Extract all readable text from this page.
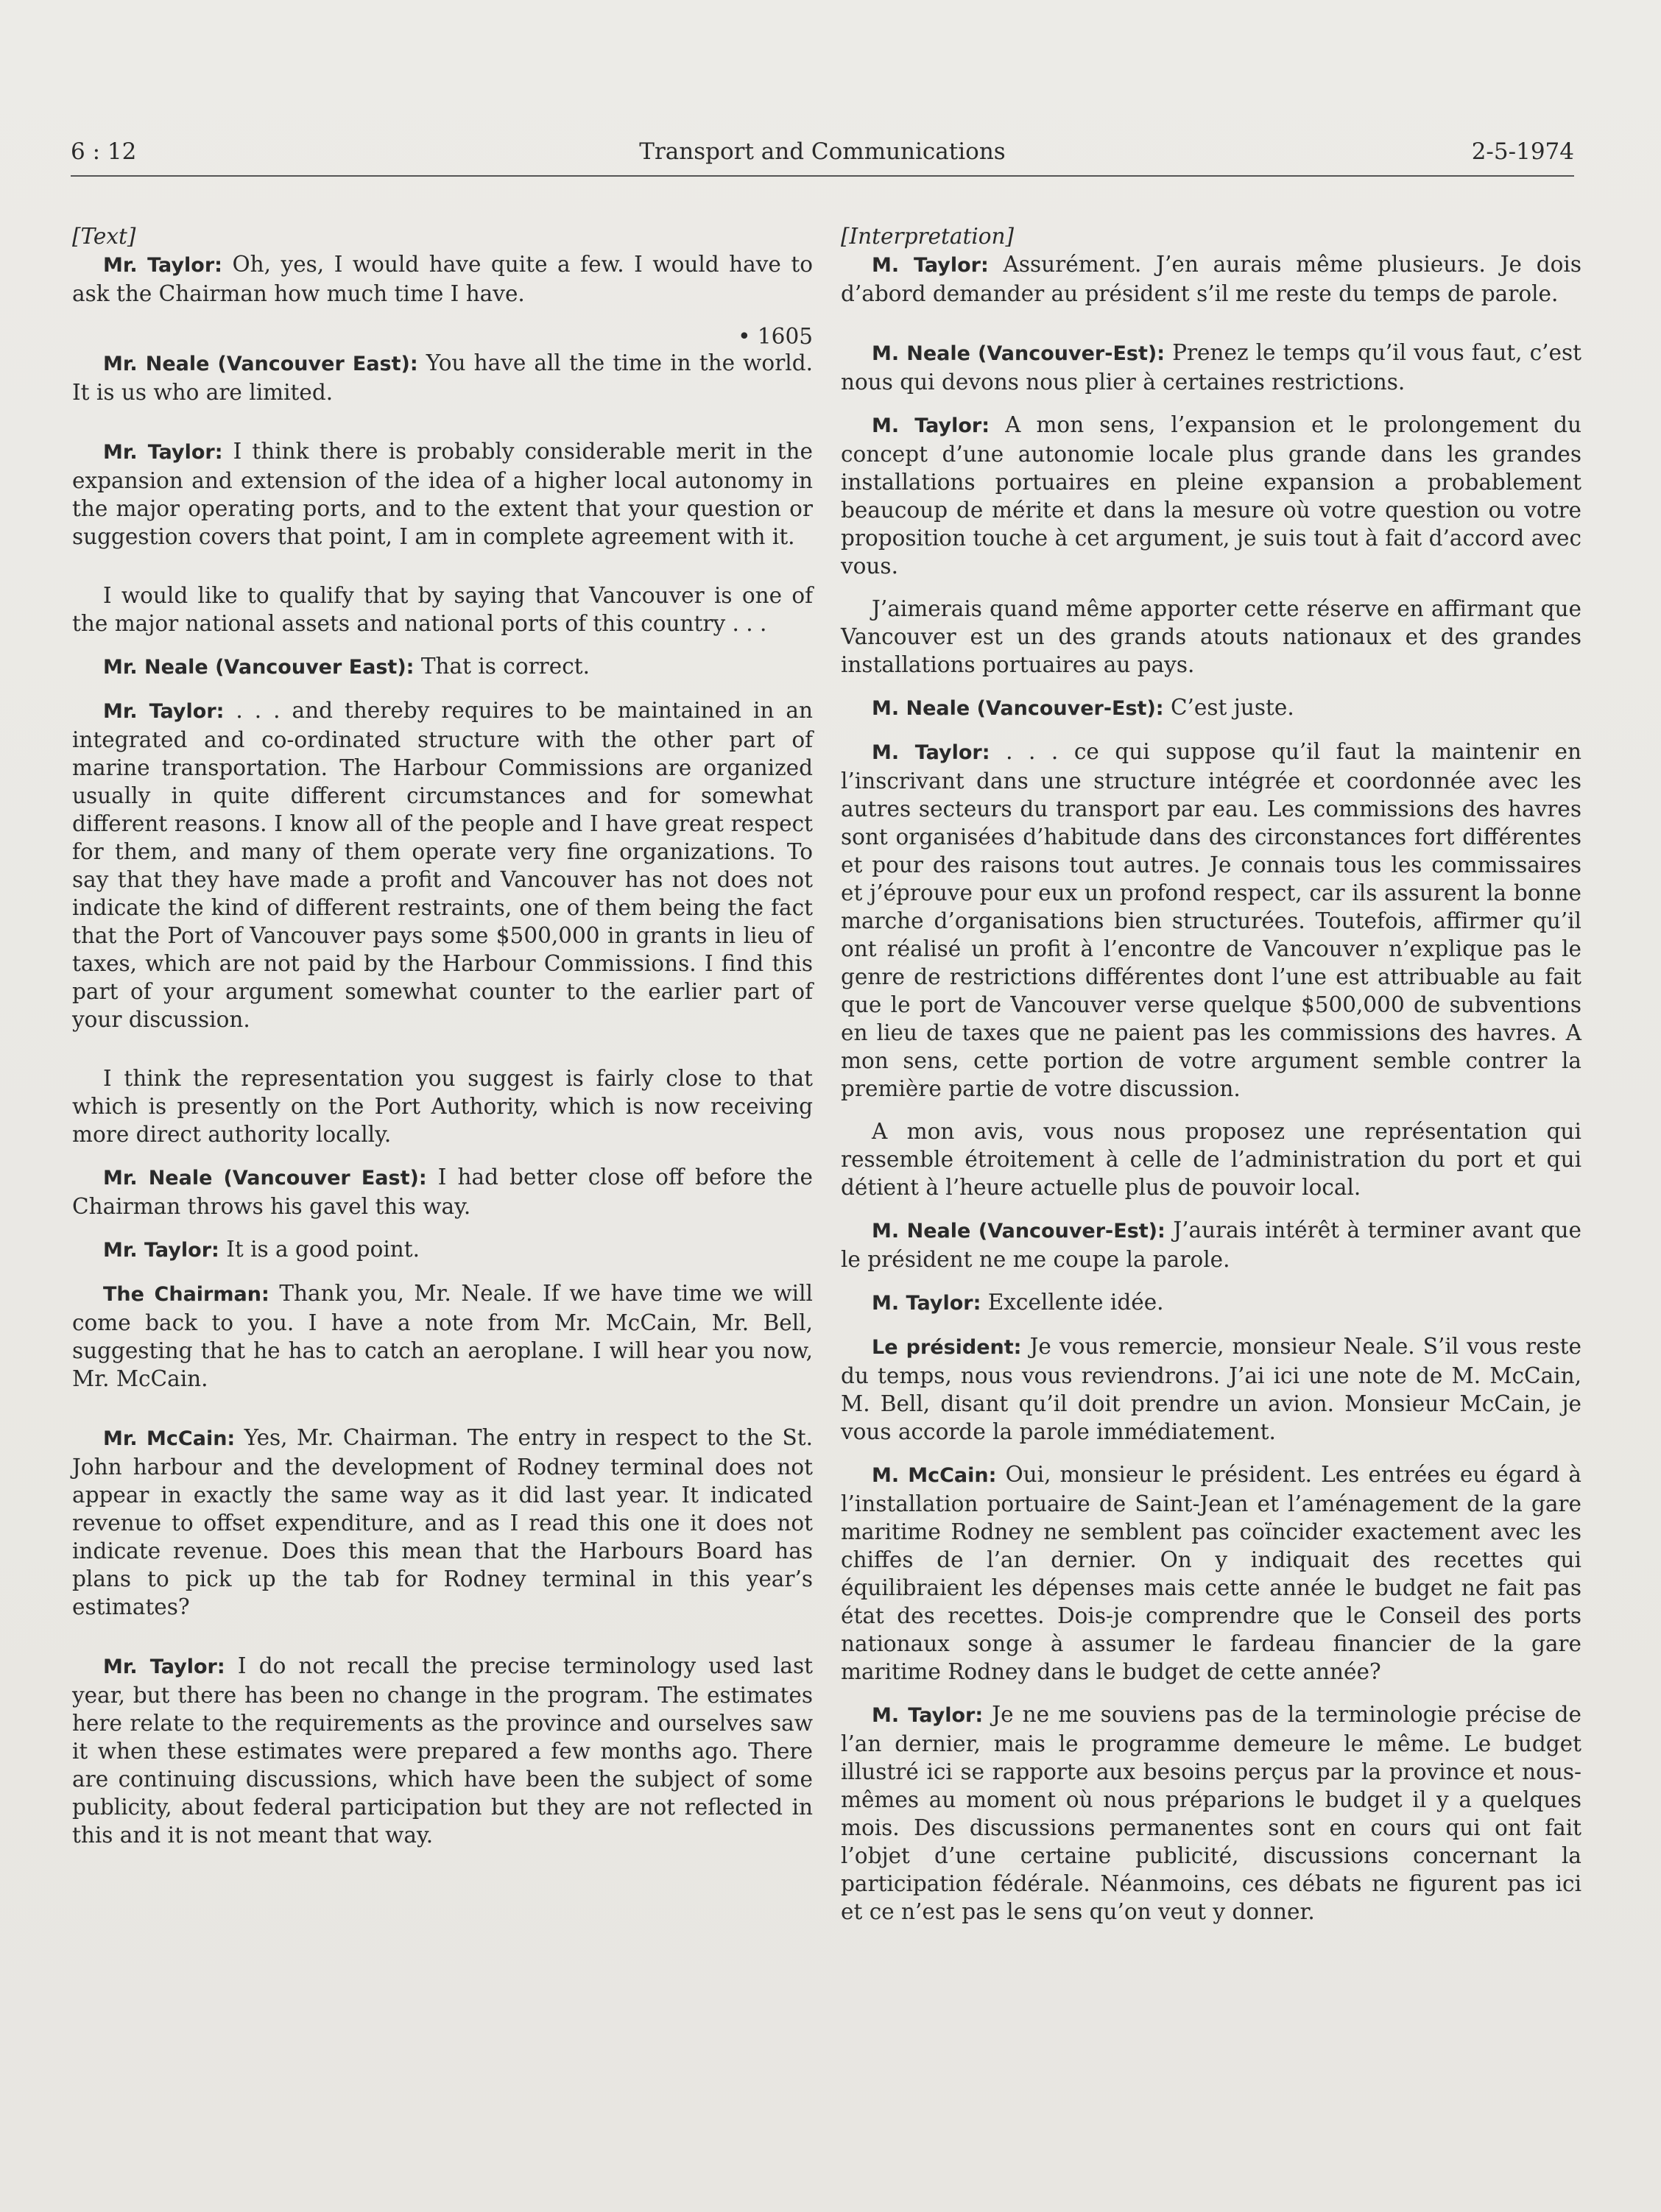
6 : 12	Transport and Communications	2-5-1974

[Text]

Mr. Taylor: Oh, yes, I would have quite a few. I would have to ask the Chairman how much time I have.

• 1605

Mr. Neale (Vancouver East): You have all the time in the world. It is us who are limited.

Mr. Taylor: I think there is probably considerable merit in the expansion and extension of the idea of a higher local autonomy in the major operating ports, and to the extent that your question or suggestion covers that point, I am in complete agreement with it.

I would like to qualify that by saying that Vancouver is one of the major national assets and national ports of this country . . .

Mr. Neale (Vancouver East): That is correct.

Mr. Taylor: . . . and thereby requires to be maintained in an integrated and co-ordinated structure with the other part of marine transportation. The Harbour Commissions are organized usually in quite different circumstances and for somewhat different reasons. I know all of the people and I have great respect for them, and many of them operate very fine organizations. To say that they have made a profit and Vancouver has not does not indicate the kind of different restraints, one of them being the fact that the Port of Vancouver pays some $500,000 in grants in lieu of taxes, which are not paid by the Harbour Commissions. I find this part of your argument somewhat counter to the earlier part of your discussion.

I think the representation you suggest is fairly close to that which is presently on the Port Authority, which is now receiving more direct authority locally.

Mr. Neale (Vancouver East): I had better close off before the Chairman throws his gavel this way.

Mr. Taylor: It is a good point.

The Chairman: Thank you, Mr. Neale. If we have time we will come back to you. I have a note from Mr. McCain, Mr. Bell, suggesting that he has to catch an aeroplane. I will hear you now, Mr. McCain.

Mr. McCain: Yes, Mr. Chairman. The entry in respect to the St. John harbour and the development of Rodney terminal does not appear in exactly the same way as it did last year. It indicated revenue to offset expenditure, and as I read this one it does not indicate revenue. Does this mean that the Harbours Board has plans to pick up the tab for Rodney terminal in this year’s estimates?

Mr. Taylor: I do not recall the precise terminology used last year, but there has been no change in the program. The estimates here relate to the requirements as the province and ourselves saw it when these estimates were prepared a few months ago. There are continuing discussions, which have been the subject of some publicity, about federal participation but they are not reflected in this and it is not meant that way.

[Interpretation]

M. Taylor: Assurément. J’en aurais même plusieurs. Je dois d’abord demander au président s’il me reste du temps de parole.

M. Neale (Vancouver-Est): Prenez le temps qu’il vous faut, c’est nous qui devons nous plier à certaines restrictions.

M. Taylor: A mon sens, l’expansion et le prolongement du concept d’une autonomie locale plus grande dans les grandes installations portuaires en pleine expansion a probablement beaucoup de mérite et dans la mesure où votre question ou votre proposition touche à cet argument, je suis tout à fait d’accord avec vous.

J’aimerais quand même apporter cette réserve en affirmant que Vancouver est un des grands atouts nationaux et des grandes installations portuaires au pays.

M. Neale (Vancouver-Est): C’est juste.

M. Taylor: . . . ce qui suppose qu’il faut la maintenir en l’inscrivant dans une structure intégrée et coordonnée avec les autres secteurs du transport par eau. Les commissions des havres sont organisées d’habitude dans des circonstances fort différentes et pour des raisons tout autres. Je connais tous les commissaires et j’éprouve pour eux un profond respect, car ils assurent la bonne marche d’organisations bien structurées. Toutefois, affirmer qu’il ont réalisé un profit à l’encontre de Vancouver n’explique pas le genre de restrictions différentes dont l’une est attribuable au fait que le port de Vancouver verse quelque $500,000 de subventions en lieu de taxes que ne paient pas les commissions des havres. A mon sens, cette portion de votre argument semble contrer la première partie de votre discussion.

A mon avis, vous nous proposez une représentation qui ressemble étroitement à celle de l’administration du port et qui détient à l’heure actuelle plus de pouvoir local.

M. Neale (Vancouver-Est): J’aurais intérêt à terminer avant que le président ne me coupe la parole.

M. Taylor: Excellente idée.

Le président: Je vous remercie, monsieur Neale. S’il vous reste du temps, nous vous reviendrons. J’ai ici une note de M. McCain, M. Bell, disant qu’il doit prendre un avion. Monsieur McCain, je vous accorde la parole immédiatement.

M. McCain: Oui, monsieur le président. Les entrées eu égard à l’installation portuaire de Saint-Jean et l’aménagement de la gare maritime Rodney ne semblent pas coïncider exactement avec les chiffes de l’an dernier. On y indiquait des recettes qui équilibraient les dépenses mais cette année le budget ne fait pas état des recettes. Dois-je comprendre que le Conseil des ports nationaux songe à assumer le fardeau financier de la gare maritime Rodney dans le budget de cette année?

M. Taylor: Je ne me souviens pas de la terminologie précise de l’an dernier, mais le programme demeure le même. Le budget illustré ici se rapporte aux besoins perçus par la province et nous-mêmes au moment où nous préparions le budget il y a quelques mois. Des discussions permanentes sont en cours qui ont fait l’objet d’une certaine publicité, discussions concernant la participation fédérale. Néanmoins, ces débats ne figurent pas ici et ce n’est pas le sens qu’on veut y donner.
